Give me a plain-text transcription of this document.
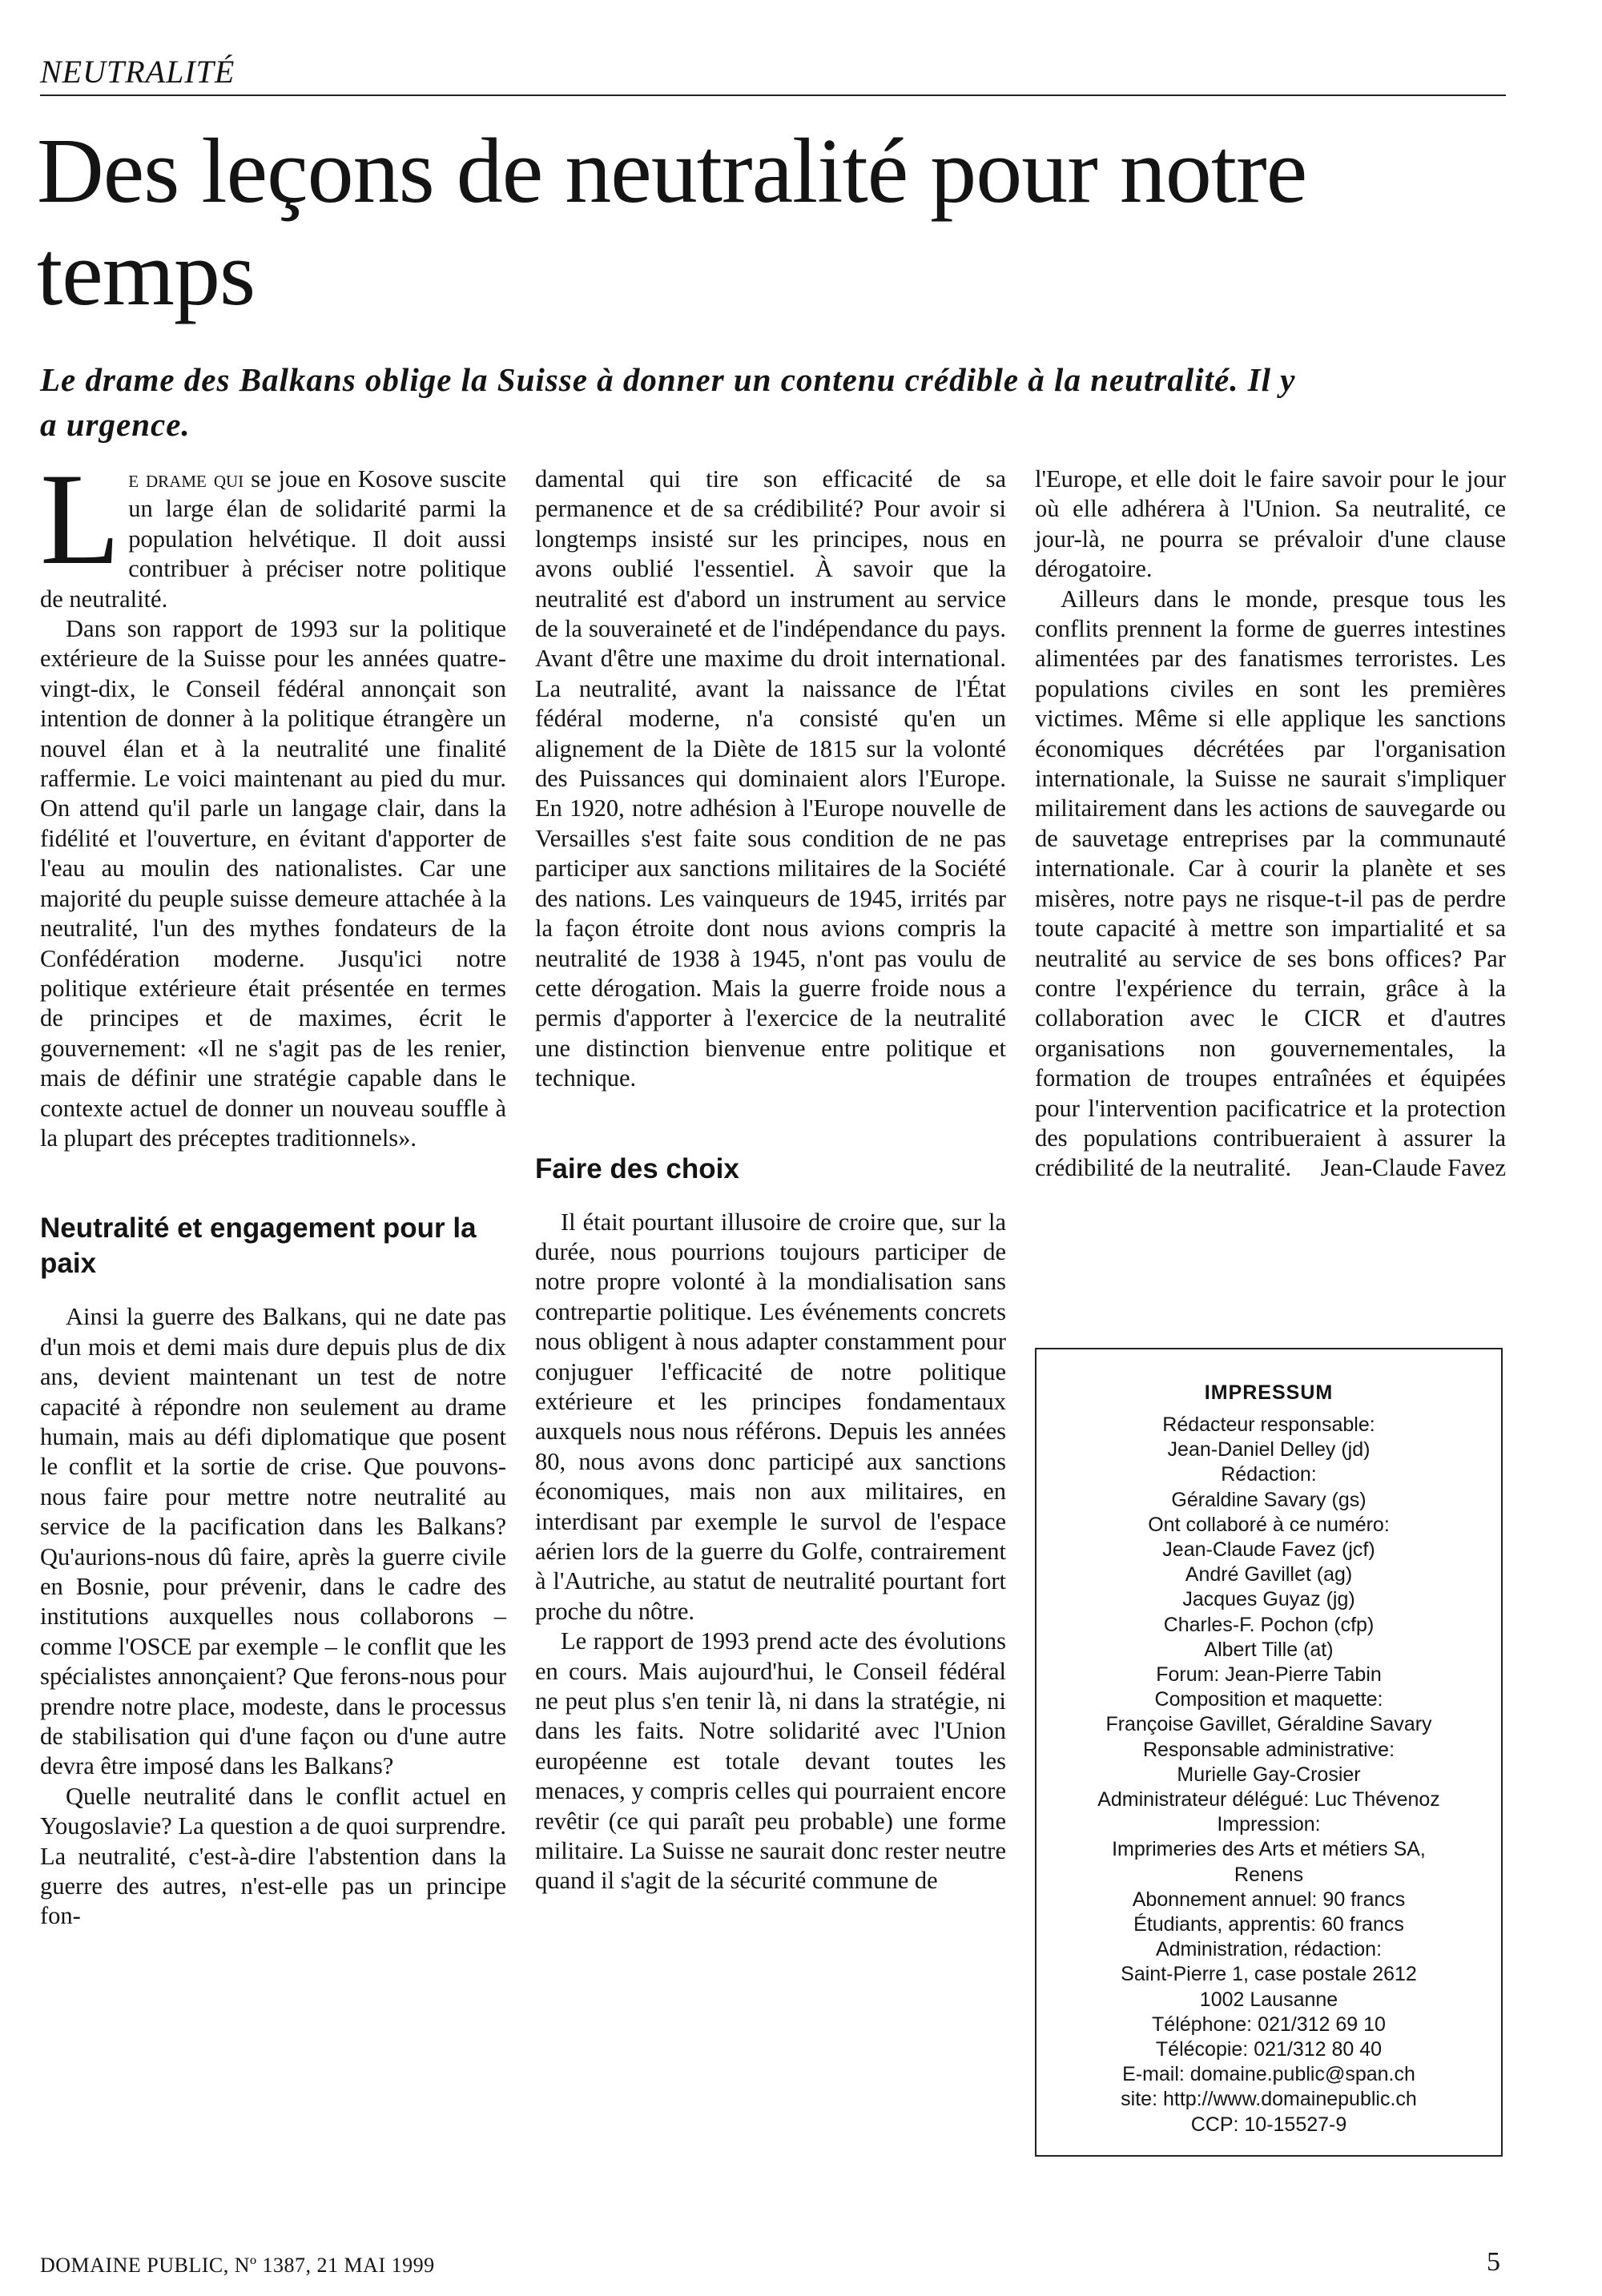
NEUTRALITÉ
Des leçons de neutralité pour notre temps
Le drame des Balkans oblige la Suisse à donner un contenu crédible à la neutralité. Il y a urgence.

Le drame qui se joue en Kosove suscite un large élan de solidarité parmi la population helvétique. Il doit aussi contribuer à préciser notre politique de neutralité.

Dans son rapport de 1993 sur la politique extérieure de la Suisse pour les années quatre-vingt-dix, le Conseil fédéral annonçait son intention de donner à la politique étrangère un nouvel élan et à la neutralité une finalité raffermie. Le voici maintenant au pied du mur. On attend qu'il parle un langage clair, dans la fidélité et l'ouverture, en évitant d'apporter de l'eau au moulin des nationalistes. Car une majorité du peuple suisse demeure attachée à la neutralité, l'un des mythes fondateurs de la Confédération moderne. Jusqu'ici notre politique extérieure était présentée en termes de principes et de maximes, écrit le gouvernement: «Il ne s'agit pas de les renier, mais de définir une stratégie capable dans le contexte actuel de donner un nouveau souffle à la plupart des préceptes traditionnels».

Neutralité et engagement pour la paix

Ainsi la guerre des Balkans, qui ne date pas d'un mois et demi mais dure depuis plus de dix ans, devient maintenant un test de notre capacité à répondre non seulement au drame humain, mais au défi diplomatique que posent le conflit et la sortie de crise. Que pouvons-nous faire pour mettre notre neutralité au service de la pacification dans les Balkans? Qu'aurions-nous dû faire, après la guerre civile en Bosnie, pour prévenir, dans le cadre des institutions auxquelles nous collaborons – comme l'OSCE par exemple – le conflit que les spécialistes annonçaient? Que ferons-nous pour prendre notre place, modeste, dans le processus de stabilisation qui d'une façon ou d'une autre devra être imposé dans les Balkans?

Quelle neutralité dans le conflit actuel en Yougoslavie? La question a de quoi surprendre. La neutralité, c'est-à-dire l'abstention dans la guerre des autres, n'est-elle pas un principe fon-

damental qui tire son efficacité de sa permanence et de sa crédibilité? Pour avoir si longtemps insisté sur les principes, nous en avons oublié l'essentiel. À savoir que la neutralité est d'abord un instrument au service de la souveraineté et de l'indépendance du pays. Avant d'être une maxime du droit international. La neutralité, avant la naissance de l'État fédéral moderne, n'a consisté qu'en un alignement de la Diète de 1815 sur la volonté des Puissances qui dominaient alors l'Europe. En 1920, notre adhésion à l'Europe nouvelle de Versailles s'est faite sous condition de ne pas participer aux sanctions militaires de la Société des nations. Les vainqueurs de 1945, irrités par la façon étroite dont nous avions compris la neutralité de 1938 à 1945, n'ont pas voulu de cette dérogation. Mais la guerre froide nous a permis d'apporter à l'exercice de la neutralité une distinction bienvenue entre politique et technique.

Faire des choix

Il était pourtant illusoire de croire que, sur la durée, nous pourrions toujours participer de notre propre volonté à la mondialisation sans contrepartie politique. Les événements concrets nous obligent à nous adapter constamment pour conjuguer l'efficacité de notre politique extérieure et les principes fondamentaux auxquels nous nous référons. Depuis les années 80, nous avons donc participé aux sanctions économiques, mais non aux militaires, en interdisant par exemple le survol de l'espace aérien lors de la guerre du Golfe, contrairement à l'Autriche, au statut de neutralité pourtant fort proche du nôtre.

Le rapport de 1993 prend acte des évolutions en cours. Mais aujourd'hui, le Conseil fédéral ne peut plus s'en tenir là, ni dans la stratégie, ni dans les faits. Notre solidarité avec l'Union européenne est totale devant toutes les menaces, y compris celles qui pourraient encore revêtir (ce qui paraît peu probable) une forme militaire. La Suisse ne saurait donc rester neutre quand il s'agit de la sécurité commune de

l'Europe, et elle doit le faire savoir pour le jour où elle adhérera à l'Union. Sa neutralité, ce jour-là, ne pourra se prévaloir d'une clause dérogatoire.

Ailleurs dans le monde, presque tous les conflits prennent la forme de guerres intestines alimentées par des fanatismes terroristes. Les populations civiles en sont les premières victimes. Même si elle applique les sanctions économiques décrétées par l'organisation internationale, la Suisse ne saurait s'impliquer militairement dans les actions de sauvegarde ou de sauvetage entreprises par la communauté internationale. Car à courir la planète et ses misères, notre pays ne risque-t-il pas de perdre toute capacité à mettre son impartialité et sa neutralité au service de ses bons offices? Par contre l'expérience du terrain, grâce à la collaboration avec le CICR et d'autres organisations non gouvernementales, la formation de troupes entraînées et équipées pour l'intervention pacificatrice et la protection des populations contribueraient à assurer la crédibilité de la neutralité.	Jean-Claude Favez

IMPRESSUM
Rédacteur responsable:
Jean-Daniel Delley (jd)
Rédaction:
Géraldine Savary (gs)
Ont collaboré à ce numéro:
Jean-Claude Favez (jcf)
André Gavillet (ag)
Jacques Guyaz (jg)
Charles-F. Pochon (cfp)
Albert Tille (at)
Forum: Jean-Pierre Tabin
Composition et maquette:
Françoise Gavillet, Géraldine Savary
Responsable administrative:
Murielle Gay-Crosier
Administrateur délégué: Luc Thévenoz
Impression:
Imprimeries des Arts et métiers SA,
Renens
Abonnement annuel: 90 francs
Étudiants, apprentis: 60 francs
Administration, rédaction:
Saint-Pierre 1, case postale 2612
1002 Lausanne
Téléphone: 021/312 69 10
Télécopie: 021/312 80 40
E-mail: domaine.public@span.ch
site: http://www.domainepublic.ch
CCP: 10-15527-9
DOMAINE PUBLIC, Nº 1387, 21 MAI 1999	5
